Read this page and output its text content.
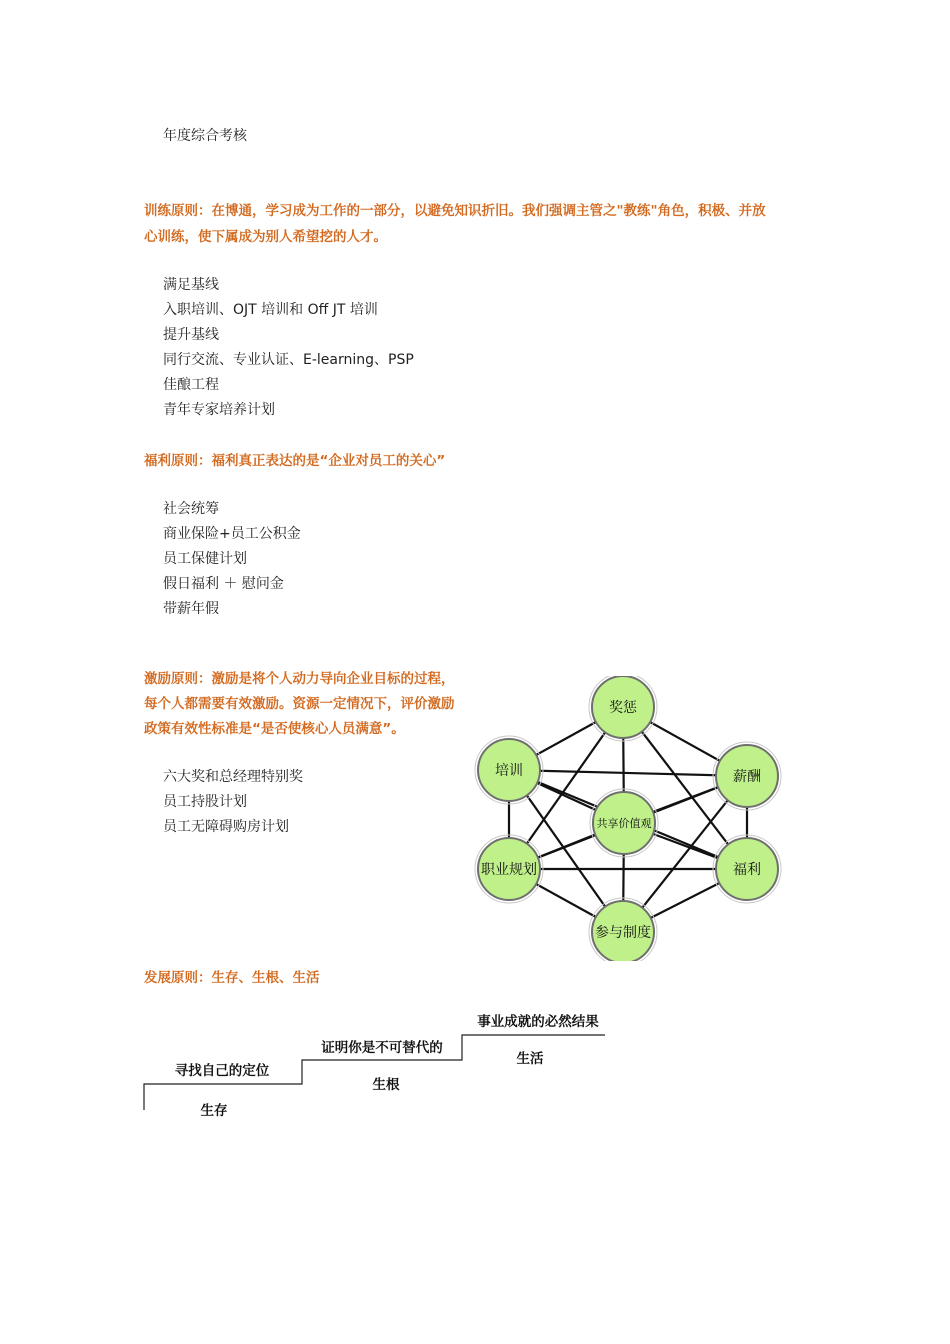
年度综合考核
训练原则：在博通，学习成为工作的一部分，以避免知识折旧。我们强调主管之"教练"角色，积极、并放
心训练，使下属成为别人希望挖的人才。
满足基线
入职培训、OJT 培训和 Off JT 培训
提升基线
同行交流、专业认证、E-learning、PSP
佳酿工程
青年专家培养计划
福利原则：福利真正表达的是“企业对员工的关心”
社会统筹
商业保险+员工公积金
员工保健计划
假日福利 ＋ 慰问金
带薪年假
激励原则：激励是将个人动力导向企业目标的过程，
每个人都需要有效激励。资源一定情况下，评价激励
政策有效性标准是“是否使核心人员满意”。
六大奖和总经理特别奖
员工持股计划
员工无障碍购房计划
奖惩
培训	薪酬
共享价值观
职业规划	福利
参与制度
发展原则：生存、生根、生活
寻找自己的定位
生存
证明你是不可替代的
生根
事业成就的必然结果
生活
